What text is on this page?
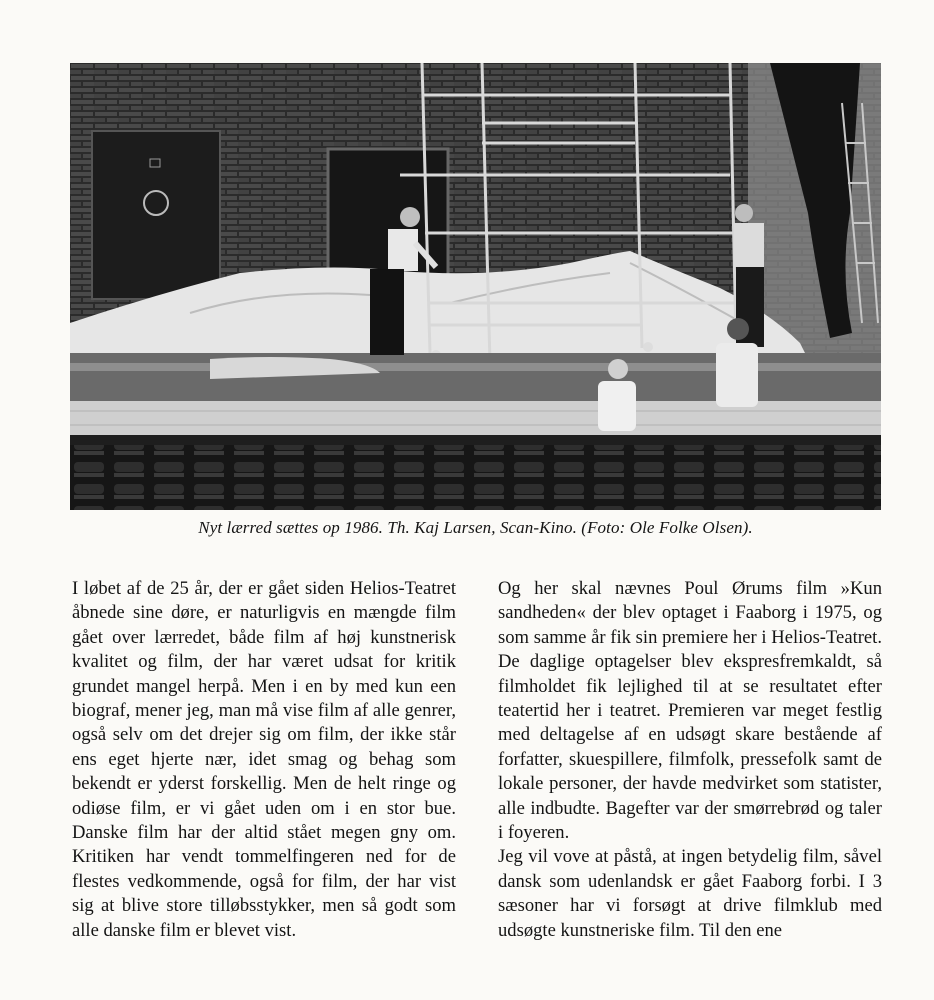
Nyt lærred sættes op 1986. Th. Kaj Larsen, Scan-Kino. (Foto: Ole Folke Olsen).

I løbet af de 25 år, der er gået siden Helios-Teatret åbnede sine døre, er naturligvis en mængde film gået over lærredet, både film af høj kunstnerisk kvalitet og film, der har været udsat for kritik grundet mangel herpå. Men i en by med kun een biograf, mener jeg, man må vise film af alle genrer, også selv om det drejer sig om film, der ikke står ens eget hjerte nær, idet smag og behag som bekendt er yderst forskellig. Men de helt ringe og odiøse film, er vi gået uden om i en stor bue. Danske film har der altid stået megen gny om. Kritiken har vendt tommelfingeren ned for de flestes vedkommende, også for film, der har vist sig at blive store tilløbsstykker, men så godt som alle danske film er blevet vist.

Og her skal nævnes Poul Ørums film »Kun sandheden« der blev optaget i Faaborg i 1975, og som samme år fik sin premiere her i Helios-Teatret. De daglige optagelser blev ekspresfremkaldt, så filmholdet fik lejlighed til at se resultatet efter teatertid her i teatret. Premieren var meget festlig med deltagelse af en udsøgt skare bestående af forfatter, skuespillere, filmfolk, pressefolk samt de lokale personer, der havde medvirket som statister, alle indbudte. Bagefter var der smørrebrød og taler i foyeren.

Jeg vil vove at påstå, at ingen betydelig film, såvel dansk som udenlandsk er gået Faaborg forbi. I 3 sæsoner har vi forsøgt at drive filmklub med udsøgte kunstneriske film. Til den ene
